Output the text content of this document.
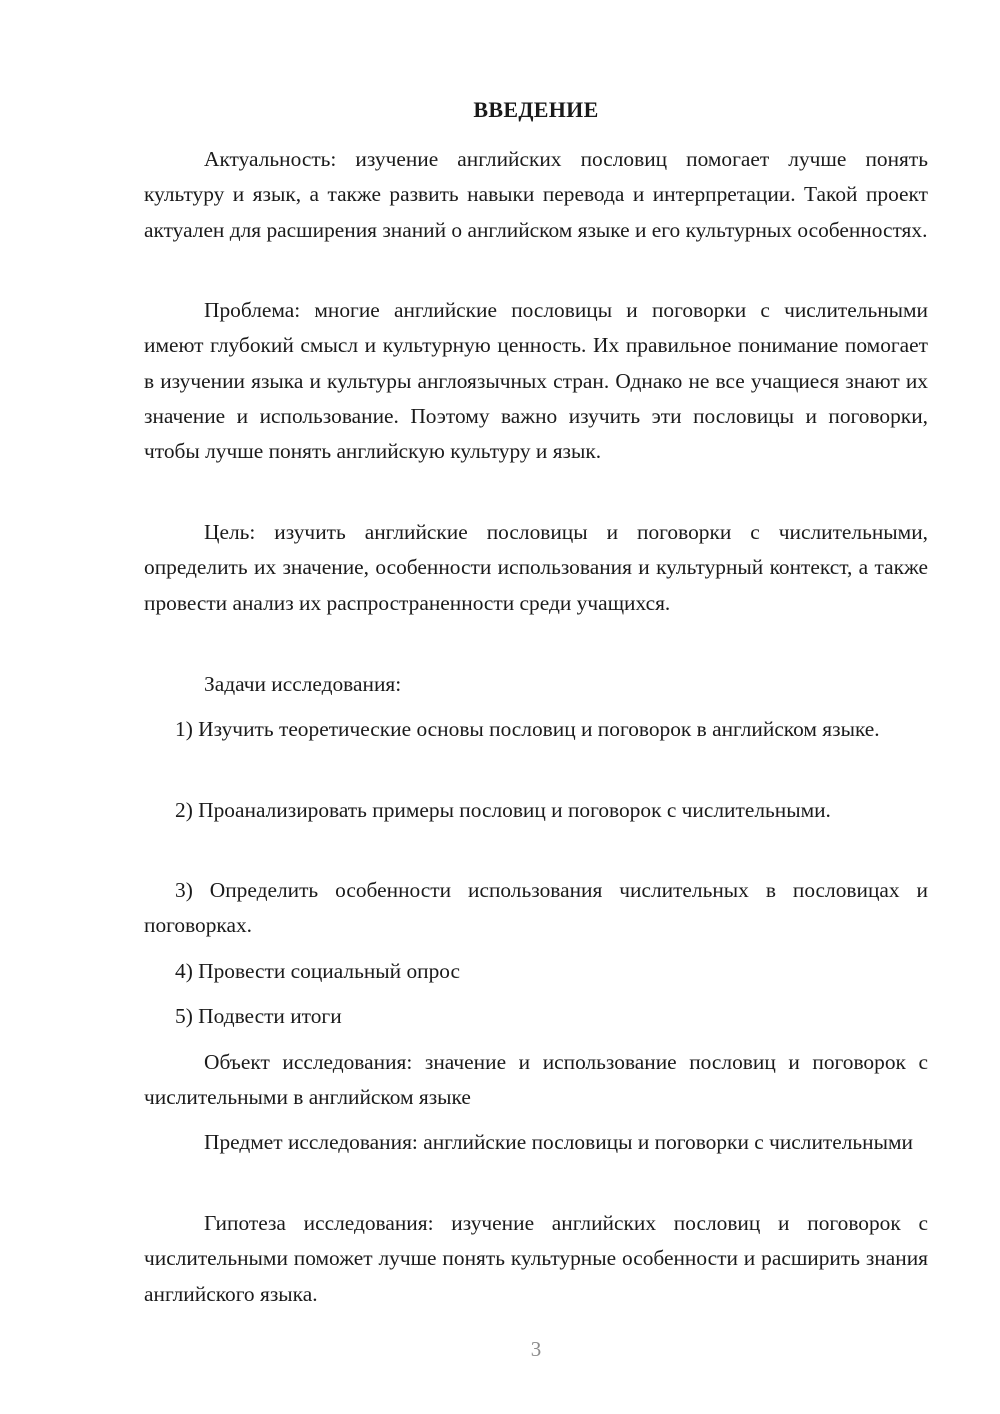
ВВЕДЕНИЕ

Актуальность: изучение английских пословиц помогает лучше понять культуру и язык, а также развить навыки перевода и интерпретации. Такой проект актуален для расширения знаний о английском языке и его культурных особенностях.

Проблема: многие английские пословицы и поговорки с числительными имеют глубокий смысл и культурную ценность. Их правильное понимание помогает в изучении языка и культуры англоязычных стран. Однако не все учащиеся знают их значение и использование. Поэтому важно изучить эти пословицы и поговорки, чтобы лучше понять английскую культуру и язык.

Цель: изучить английские пословицы и поговорки с числительными, определить их значение, особенности использования и культурный контекст, а также провести анализ их распространенности среди учащихся.

Задачи исследования:

1) Изучить теоретические основы пословиц и поговорок в английском языке.

2) Проанализировать примеры пословиц и поговорок с числительными.

3) Определить особенности использования числительных в пословицах и поговорках.

4) Провести социальный опрос

5) Подвести итоги

Объект исследования: значение и использование пословиц и поговорок с числительными в английском языке

Предмет исследования: английские пословицы и поговорки с числительными

Гипотеза исследования: изучение английских пословиц и поговорок с числительными поможет лучше понять культурные особенности и расширить знания английского языка.

3
